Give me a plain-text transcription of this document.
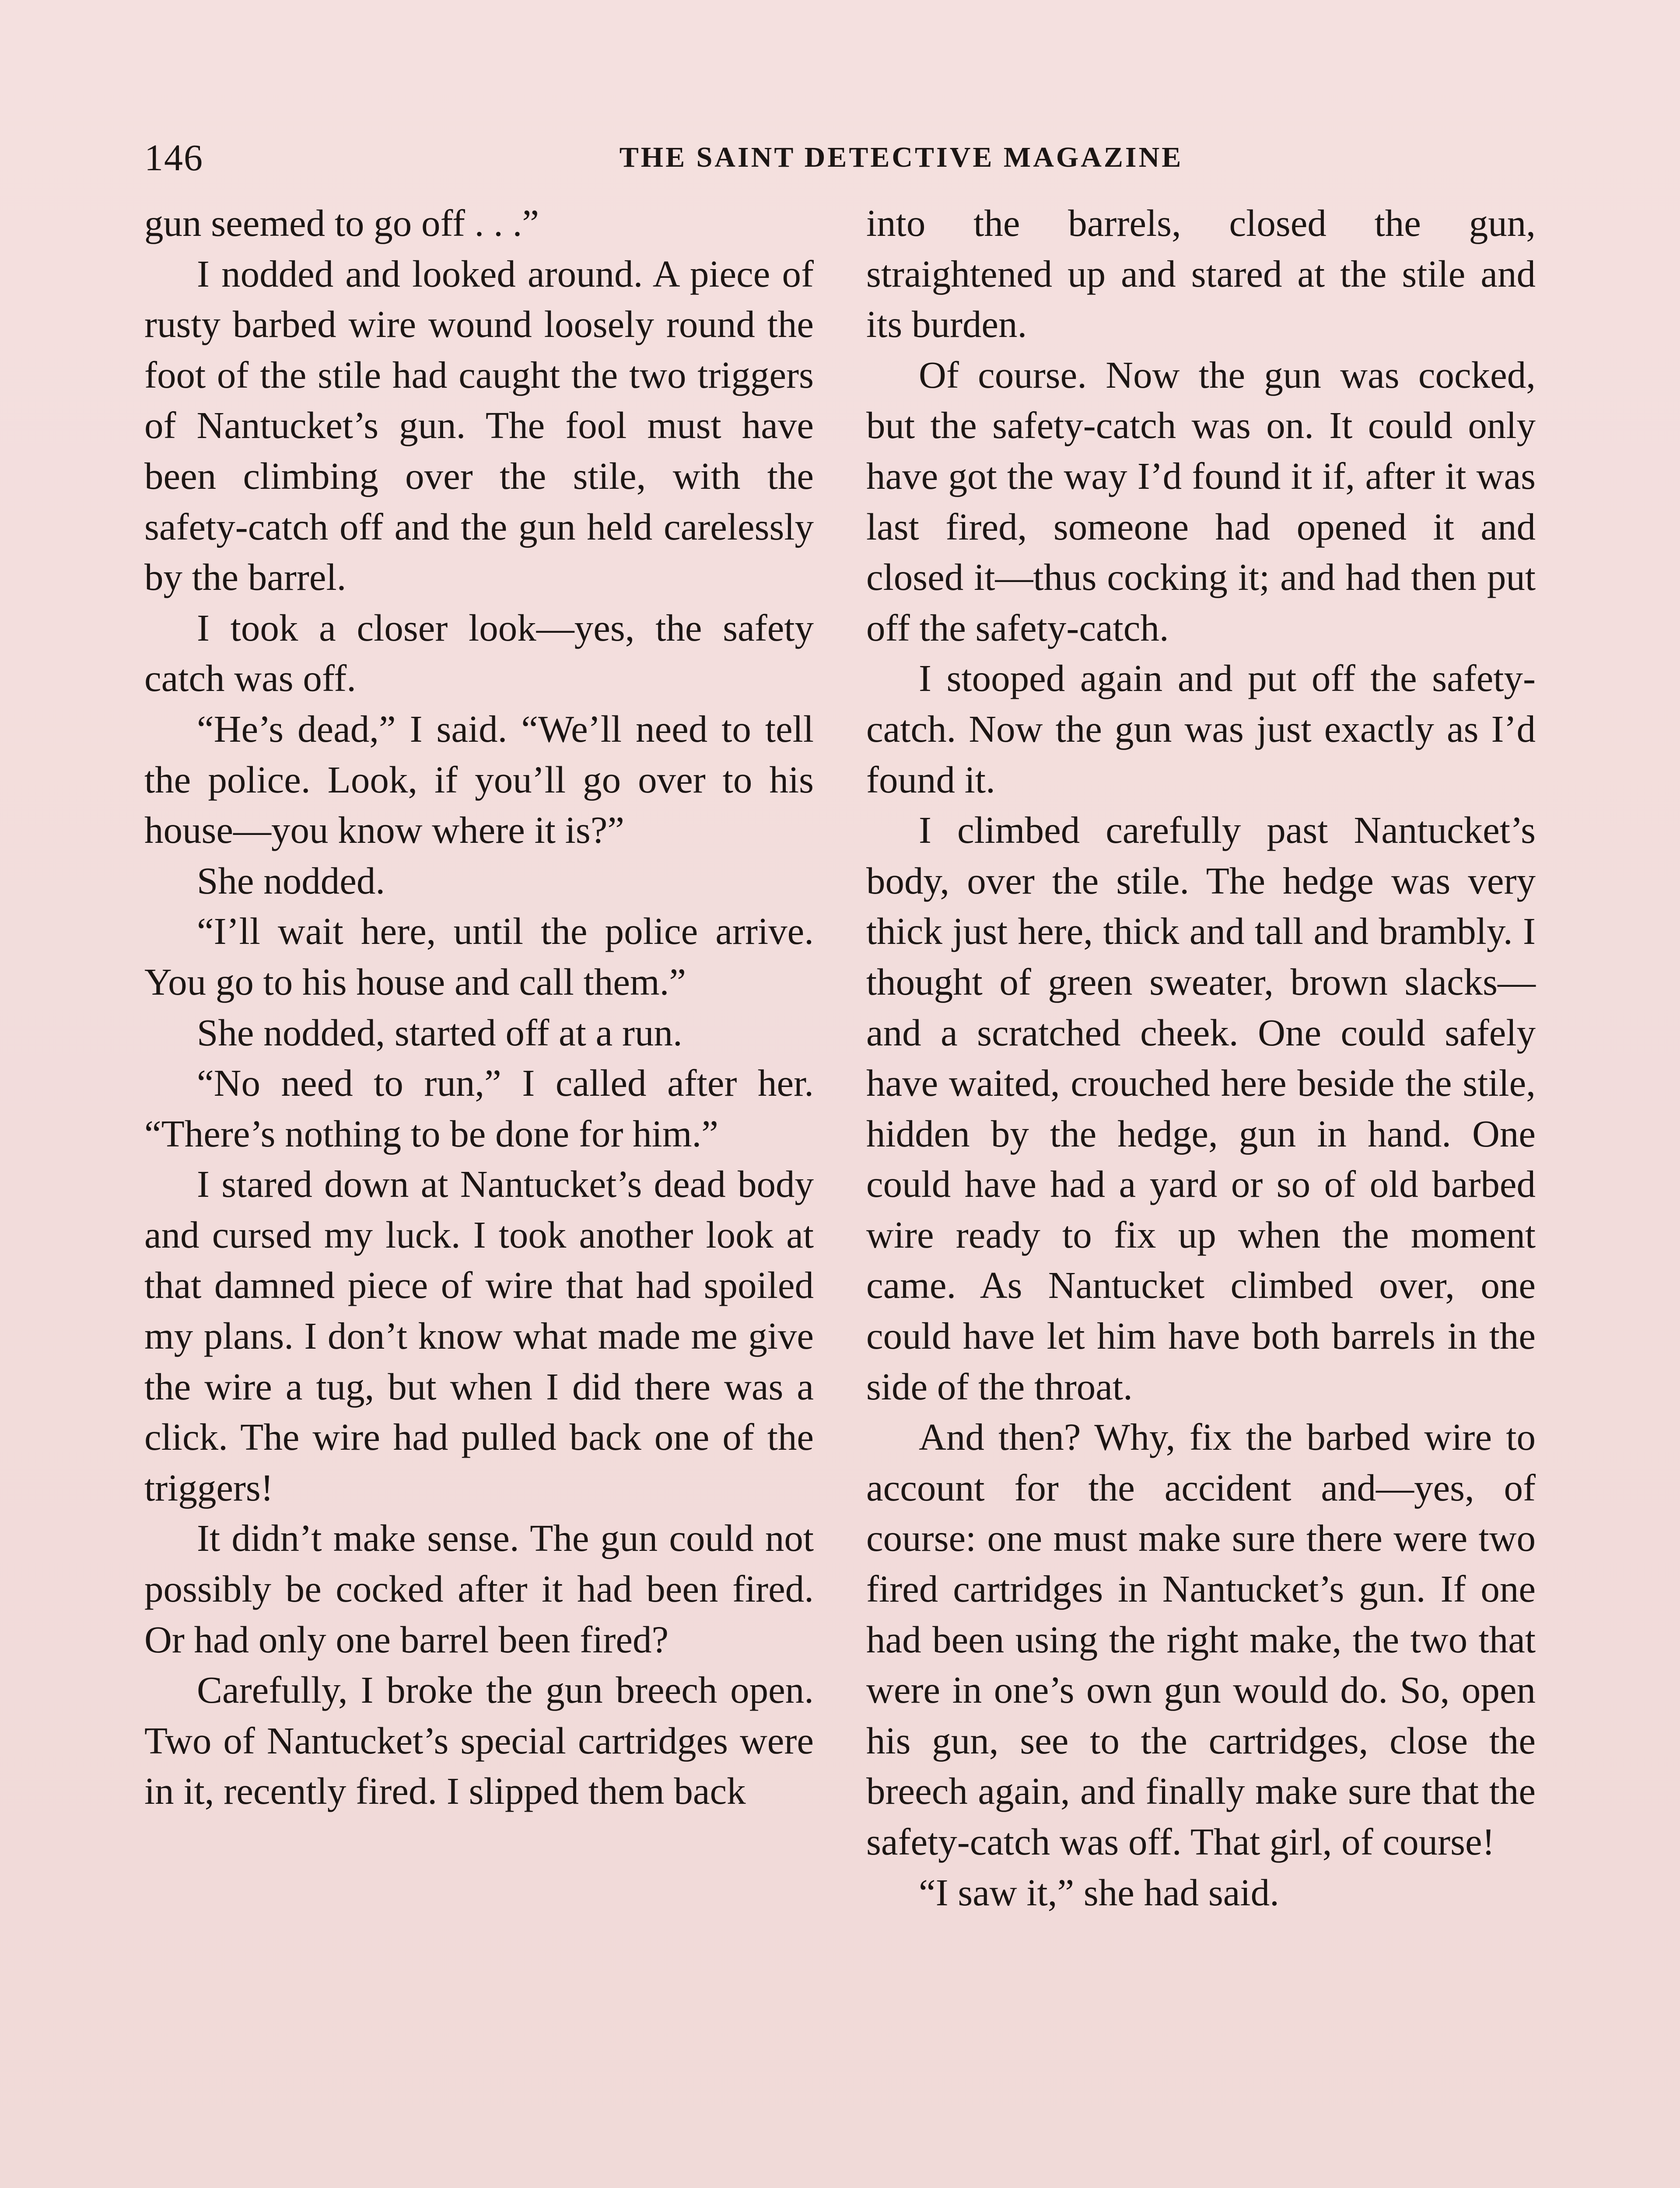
146	THE SAINT DETECTIVE MAGAZINE

gun seemed to go off . . .”

I nodded and looked around. A piece of rusty barbed wire wound loosely round the foot of the stile had caught the two triggers of Nantucket’s gun. The fool must have been climbing over the stile, with the safety-catch off and the gun held carelessly by the barrel.

I took a closer look—yes, the safety catch was off.

“He’s dead,” I said. “We’ll need to tell the police. Look, if you’ll go over to his house—you know where it is?”

She nodded.

“I’ll wait here, until the police arrive. You go to his house and call them.”

She nodded, started off at a run.

“No need to run,” I called after her. “There’s nothing to be done for him.”

I stared down at Nantucket’s dead body and cursed my luck. I took another look at that damned piece of wire that had spoiled my plans. I don’t know what made me give the wire a tug, but when I did there was a click. The wire had pulled back one of the triggers!

It didn’t make sense. The gun could not possibly be cocked after it had been fired. Or had only one barrel been fired?

Carefully, I broke the gun breech open. Two of Nantucket’s special cartridges were in it, recently fired. I slipped them back

into the barrels, closed the gun, straightened up and stared at the stile and its burden.

Of course. Now the gun was cocked, but the safety-catch was on. It could only have got the way I’d found it if, after it was last fired, someone had opened it and closed it—thus cocking it; and had then put off the safety-catch.

I stooped again and put off the safety-catch. Now the gun was just exactly as I’d found it.

I climbed carefully past Nantucket’s body, over the stile. The hedge was very thick just here, thick and tall and brambly. I thought of green sweater, brown slacks—and a scratched cheek. One could safely have waited, crouched here beside the stile, hidden by the hedge, gun in hand. One could have had a yard or so of old barbed wire ready to fix up when the moment came. As Nantucket climbed over, one could have let him have both barrels in the side of the throat.

And then? Why, fix the barbed wire to account for the accident and—yes, of course: one must make sure there were two fired cartridges in Nantucket’s gun. If one had been using the right make, the two that were in one’s own gun would do. So, open his gun, see to the cartridges, close the breech again, and finally make sure that the safety-catch was off. That girl, of course!

“I saw it,” she had said.
